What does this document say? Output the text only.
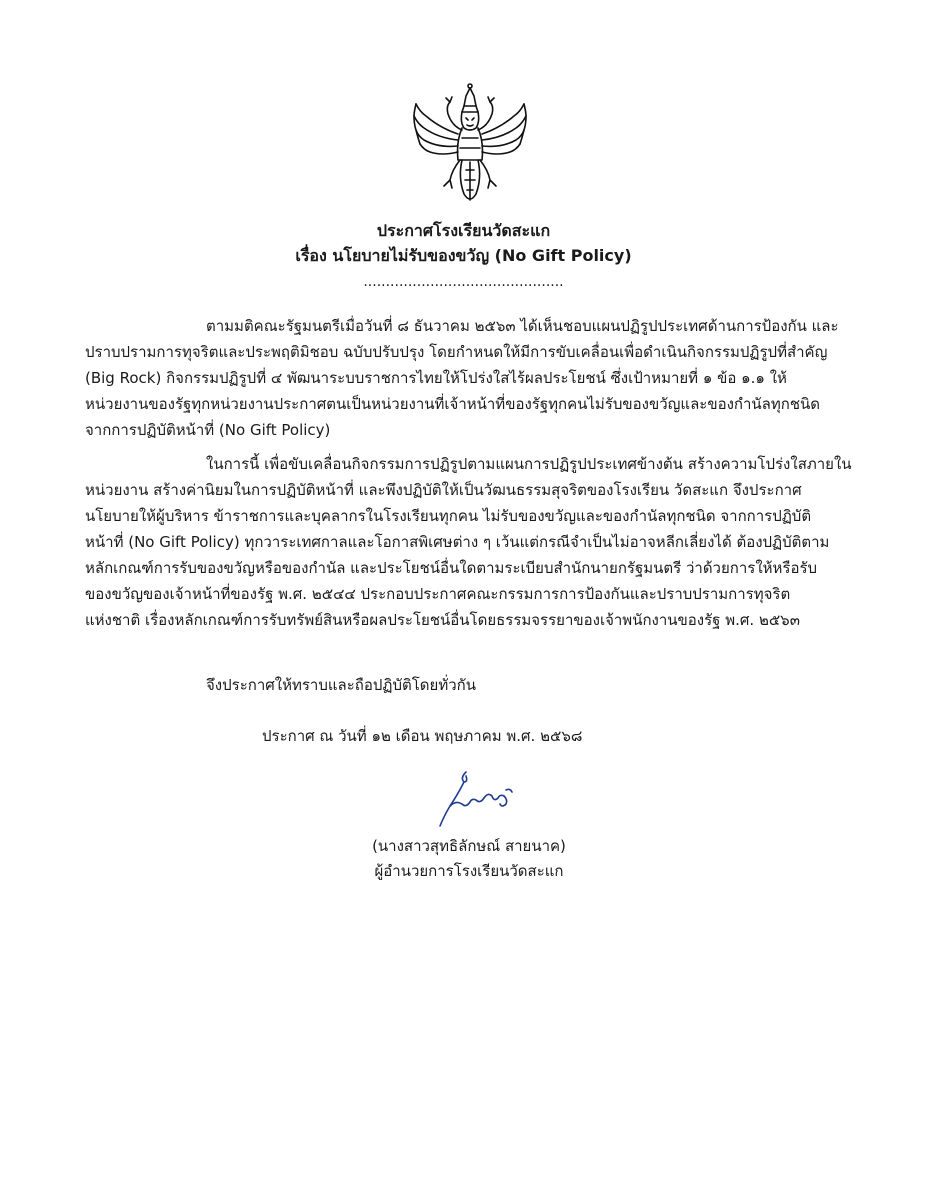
ประกาศโรงเรียนวัดสะแก
เรื่อง นโยบายไม่รับของขวัญ (No Gift Policy)
.............................................

ตามมติคณะรัฐมนตรีเมื่อวันที่ ๘ ธันวาคม ๒๕๖๓ ได้เห็นชอบแผนปฏิรูปประเทศด้านการป้องกัน และ
ปราบปรามการทุจริตและประพฤติมิชอบ ฉบับปรับปรุง โดยกำหนดให้มีการขับเคลื่อนเพื่อดำเนินกิจกรรมปฏิรูปที่สำคัญ
(Big Rock) กิจกรรมปฏิรูปที่ ๔ พัฒนาระบบราชการไทยให้โปร่งใสไร้ผลประโยชน์ ซึ่งเป้าหมายที่ ๑ ข้อ ๑.๑ ให้
หน่วยงานของรัฐทุกหน่วยงานประกาศตนเป็นหน่วยงานที่เจ้าหน้าที่ของรัฐทุกคนไม่รับของขวัญและของกำนัลทุกชนิด
จากการปฏิบัติหน้าที่ (No Gift Policy)

ในการนี้ เพื่อขับเคลื่อนกิจกรรมการปฏิรูปตามแผนการปฏิรูปประเทศข้างต้น สร้างความโปร่งใสภายใน
หน่วยงาน สร้างค่านิยมในการปฏิบัติหน้าที่ และพึงปฏิบัติให้เป็นวัฒนธรรมสุจริตของโรงเรียน วัดสะแก จึงประกาศ
นโยบายให้ผู้บริหาร ข้าราชการและบุคลากรในโรงเรียนทุกคน ไม่รับของขวัญและของกำนัลทุกชนิด จากการปฏิบัติ
หน้าที่ (No Gift Policy) ทุกวาระเทศกาลและโอกาสพิเศษต่าง ๆ เว้นแต่กรณีจำเป็นไม่อาจหลีกเลี่ยงได้ ต้องปฏิบัติตาม
หลักเกณฑ์การรับของขวัญหรือของกำนัล และประโยชน์อื่นใดตามระเบียบสำนักนายกรัฐมนตรี ว่าด้วยการให้หรือรับ
ของขวัญของเจ้าหน้าที่ของรัฐ พ.ศ. ๒๕๔๔ ประกอบประกาศคณะกรรมการการป้องกันและปราบปรามการทุจริต
แห่งชาติ เรื่องหลักเกณฑ์การรับทรัพย์สินหรือผลประโยชน์อื่นโดยธรรมจรรยาของเจ้าพนักงานของรัฐ พ.ศ. ๒๕๖๓

จึงประกาศให้ทราบและถือปฏิบัติโดยทั่วกัน

ประกาศ ณ วันที่ ๑๒ เดือน พฤษภาคม พ.ศ. ๒๕๖๘
(นางสาวสุทธิลักษณ์ สายนาค)
ผู้อำนวยการโรงเรียนวัดสะแก
